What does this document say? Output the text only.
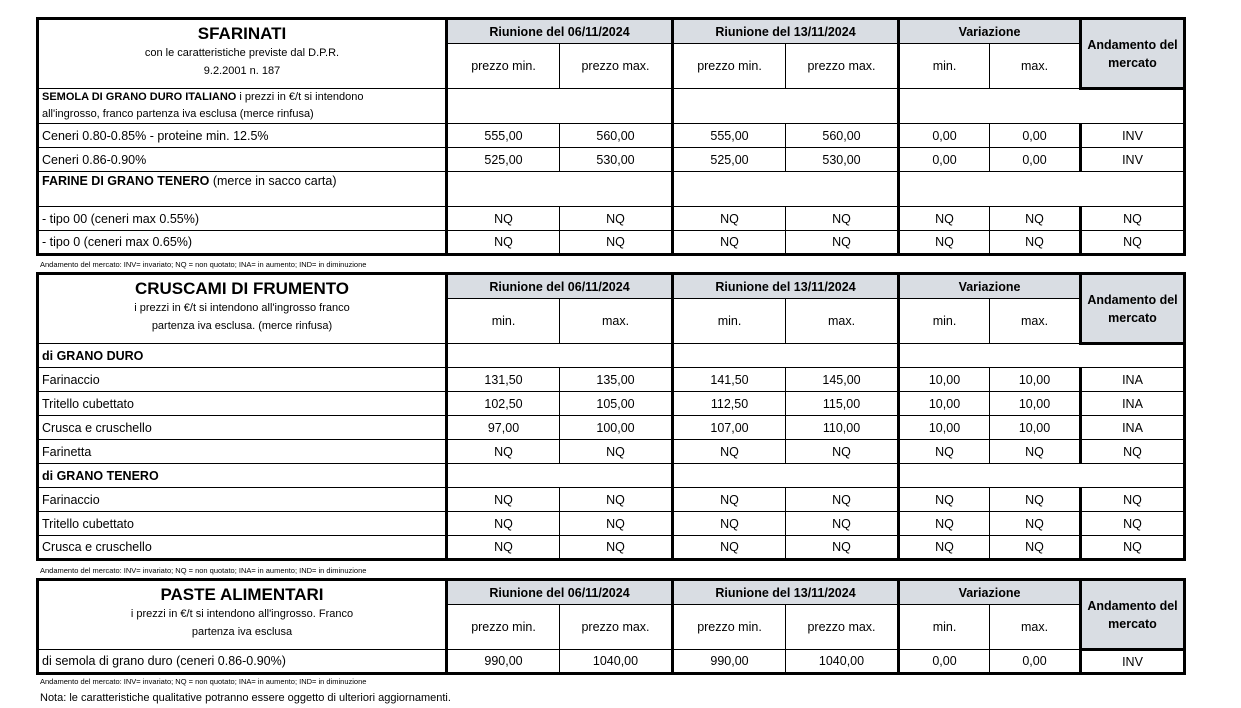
SFARINATI
con le caratteristiche previste dal D.P.R.
9.2.2001 n. 187	Riunione del 06/11/2024		Riunione del 13/11/2024		Variazione		Andamento del mercato
	prezzo min.	prezzo max.	prezzo min.	prezzo max.	min.	max.	
SEMOLA DI GRANO DURO ITALIANO i prezzi in €/t si intendono
all'ingrosso, franco partenza iva esclusa (merce rinfusa)							
Ceneri 0.80-0.85% - proteine min. 12.5%	555,00	560,00	555,00	560,00	0,00	0,00	INV
Ceneri 0.86-0.90%	525,00	530,00	525,00	530,00	0,00	0,00	INV
FARINE DI GRANO TENERO (merce in sacco carta)							
- tipo 00 (ceneri max 0.55%)	NQ	NQ	NQ	NQ	NQ	NQ	NQ
- tipo 0 (ceneri max 0.65%)	NQ	NQ	NQ	NQ	NQ	NQ	NQ
Andamento del mercato: INV= invariato; NQ = non quotato; INA= in aumento; IND= in diminuzione
CRUSCAMI DI FRUMENTO
i prezzi in €/t si intendono all'ingrosso franco
partenza iva esclusa. (merce rinfusa)	Riunione del 06/11/2024		Riunione del 13/11/2024		Variazione		Andamento del mercato
	min.	max.	min.	max.	min.	max.	
di GRANO DURO							
Farinaccio	131,50	135,00	141,50	145,00	10,00	10,00	INA
Tritello cubettato	102,50	105,00	112,50	115,00	10,00	10,00	INA
Crusca e cruschello	97,00	100,00	107,00	110,00	10,00	10,00	INA
Farinetta	NQ	NQ	NQ	NQ	NQ	NQ	NQ
di GRANO TENERO							
Farinaccio	NQ	NQ	NQ	NQ	NQ	NQ	NQ
Tritello cubettato	NQ	NQ	NQ	NQ	NQ	NQ	NQ
Crusca e cruschello	NQ	NQ	NQ	NQ	NQ	NQ	NQ
Andamento del mercato: INV= invariato; NQ = non quotato; INA= in aumento; IND= in diminuzione
PASTE ALIMENTARI
i prezzi in €/t si intendono all'ingrosso. Franco
partenza iva esclusa	Riunione del 06/11/2024		Riunione del 13/11/2024		Variazione		Andamento del mercato
	prezzo min.	prezzo max.	prezzo min.	prezzo max.	min.	max.	
di semola di grano duro (ceneri 0.86-0.90%)	990,00	1040,00	990,00	1040,00	0,00	0,00	INV
Andamento del mercato: INV= invariato; NQ = non quotato; INA= in aumento; IND= in diminuzione
Nota: le caratteristiche qualitative potranno essere oggetto di ulteriori aggiornamenti.
